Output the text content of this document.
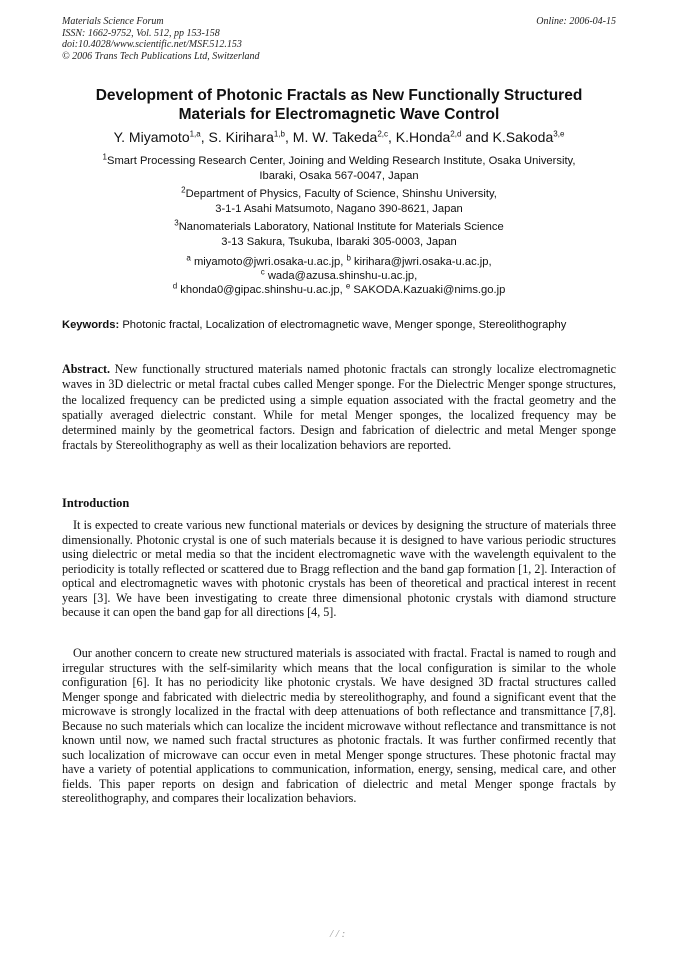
Materials Science Forum
ISSN: 1662-9752, Vol. 512, pp 153-158
doi:10.4028/www.scientific.net/MSF.512.153
© 2006 Trans Tech Publications Ltd, Switzerland
Online: 2006-04-15
Development of Photonic Fractals as New Functionally Structured
Materials for Electromagnetic Wave Control
Y. Miyamoto$^{1,a}$, S. Kirihara$^{1,b}$, M. W. Takeda$^{2,c}$, K.Honda$^{2,d}$ and K.Sakoda$^{3,e}$
$^1$Smart Processing Research Center, Joining and Welding Research Institute, Osaka University,
Ibaraki, Osaka 567-0047, Japan
$^2$Department of Physics, Faculty of Science, Shinshu University,
3-1-1 Asahi Matsumoto, Nagano 390-8621, Japan
$^3$Nanomaterials Laboratory, National Institute for Materials Science
3-13 Sakura, Tsukuba, Ibaraki 305-0003, Japan
$^a$ miyamoto@jwri.osaka-u.ac.jp, $^b$ kirihara@jwri.osaka-u.ac.jp,
$^c$ wada@azusa.shinshu-u.ac.jp,
$^d$ khonda0@gipac.shinshu-u.ac.jp, $^e$ SAKODA.Kazuaki@nims.go.jp
Keywords: Photonic fractal, Localization of electromagnetic wave, Menger sponge, Stereolithography
Abstract. New functionally structured materials named photonic fractals can strongly localize electromagnetic waves in 3D dielectric or metal fractal cubes called Menger sponge. For the Dielectric Menger sponge structures, the localized frequency can be predicted using a simple equation associated with the fractal geometry and the spatially averaged dielectric constant. While for metal Menger sponges, the localized frequency may be determined mainly by the geometrical factors. Design and fabrication of dielectric and metal Menger sponge fractals by Stereolithography as well as their localization behaviors are reported.
Introduction
It is expected to create various new functional materials or devices by designing the structure of materials three dimensionally. Photonic crystal is one of such materials because it is designed to have various periodic structures using dielectric or metal media so that the incident electromagnetic wave with the wavelength equivalent to the periodicity is totally reflected or scattered due to Bragg reflection and the band gap formation [1, 2]. Interaction of optical and electromagnetic waves with photonic crystals has been of theoretical and practical interest in recent years [3]. We have been investigating to create three dimensional photonic crystals with diamond structure because it can open the band gap for all directions [4, 5].
Our another concern to create new structured materials is associated with fractal. Fractal is named to rough and irregular structures with the self-similarity which means that the local configuration is similar to the whole configuration [6]. It has no periodicity like photonic crystals. We have designed 3D fractal structures called Menger sponge and fabricated with dielectric media by stereolithography, and found a significant event that the microwave is strongly localized in the fractal with deep attenuations of both reflectance and transmittance [7,8]. Because no such materials which can localize the incident microwave without reflectance and transmittance is not known until now, we named such fractal structures as photonic fractals. It was further confirmed recently that such localization of microwave can occur even in metal Menger sponge structures. These photonic fractal may have a variety of potential applications to communication, information, energy, sensing, medical care, and other fields. This paper reports on design and fabrication of dielectric and metal Menger sponge fractals by stereolithography, and compares their localization behaviors.
/ / :
